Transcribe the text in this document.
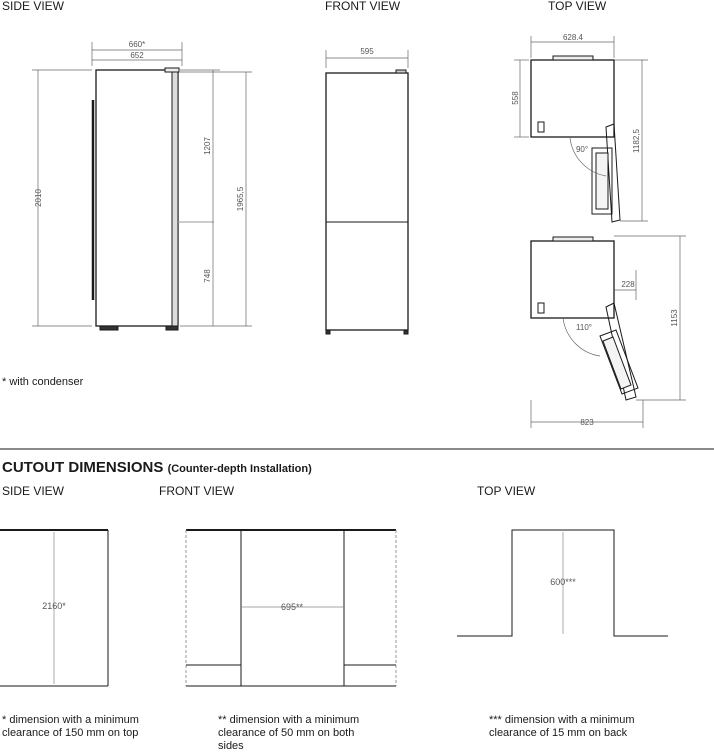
SIDE VIEW	FRONT VIEW	TOP VIEW
* with condenser
660*
652
2010
1207
1965,5
748
595
628.4
558
90°	1182,5
110°
228
1153
823
2160*	695**
600***
CUTOUT DIMENSIONS (Counter-depth Installation)
SIDE VIEW	FRONT VIEW	TOP VIEW
* dimension with a minimum clearance of 150 mm on top
** dimension with a minimum clearance of 50 mm on both sides
*** dimension with a minimum clearance of 15 mm on back
